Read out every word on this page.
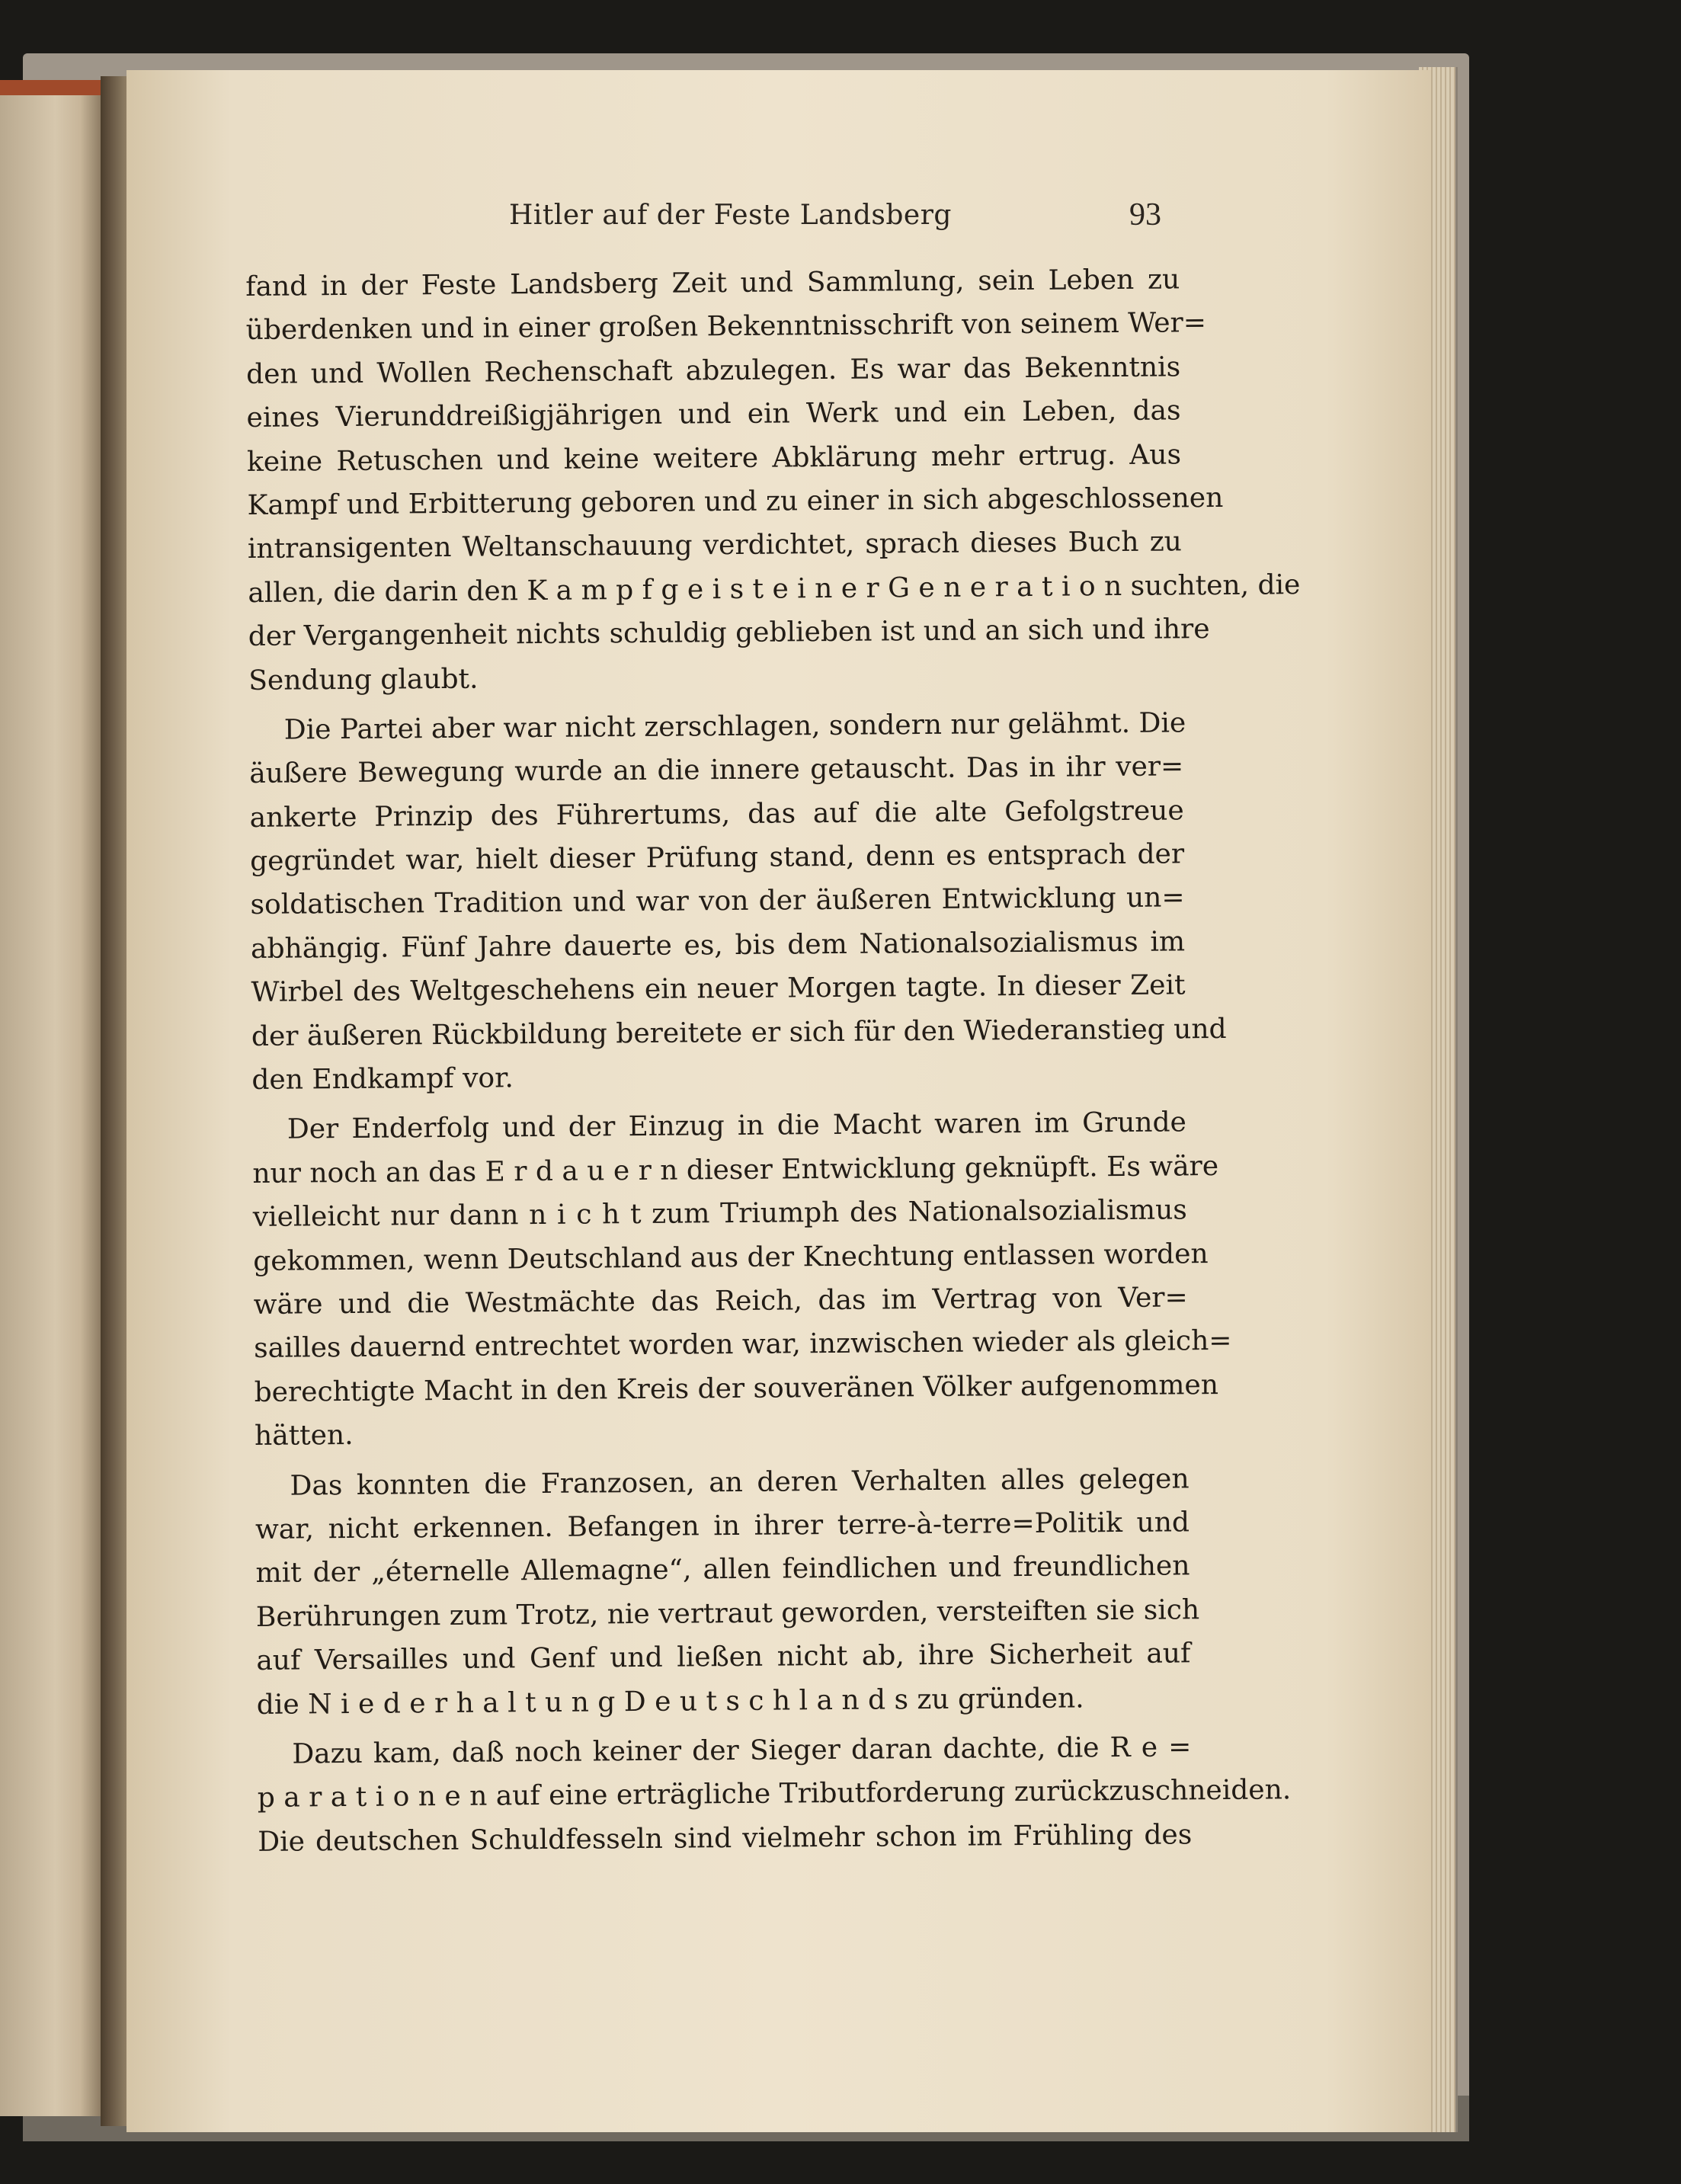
Hitler auf der Feste Landsberg	93
fand in der Feste Landsberg Zeit und Sammlung, sein Leben zu
überdenken und in einer großen Bekenntnisschrift von seinem Wer=
den und Wollen Rechenschaft abzulegen. Es war das Bekenntnis
eines Vierunddreißigjährigen und ein Werk und ein Leben, das
keine Retuschen und keine weitere Abklärung mehr ertrug. Aus
Kampf und Erbitterung geboren und zu einer in sich abgeschlossenen
intransigenten Weltanschauung verdichtet, sprach dieses Buch zu
allen, die darin den K a m p f g e i s t e i n e r G e n e r a t i o n suchten, die
der Vergangenheit nichts schuldig geblieben ist und an sich und ihre
Sendung glaubt.
Die Partei aber war nicht zerschlagen, sondern nur gelähmt. Die
äußere Bewegung wurde an die innere getauscht. Das in ihr ver=
ankerte Prinzip des Führertums, das auf die alte Gefolgstreue
gegründet war, hielt dieser Prüfung stand, denn es entsprach der
soldatischen Tradition und war von der äußeren Entwicklung un=
abhängig. Fünf Jahre dauerte es, bis dem Nationalsozialismus im
Wirbel des Weltgeschehens ein neuer Morgen tagte. In dieser Zeit
der äußeren Rückbildung bereitete er sich für den Wiederanstieg und
den Endkampf vor.
Der Enderfolg und der Einzug in die Macht waren im Grunde
nur noch an das E r d a u e r n dieser Entwicklung geknüpft. Es wäre
vielleicht nur dann n i c h t zum Triumph des Nationalsozialismus
gekommen, wenn Deutschland aus der Knechtung entlassen worden
wäre und die Westmächte das Reich, das im Vertrag von Ver=
sailles dauernd entrechtet worden war, inzwischen wieder als gleich=
berechtigte Macht in den Kreis der souveränen Völker aufgenommen
hätten.
Das konnten die Franzosen, an deren Verhalten alles gelegen
war, nicht erkennen. Befangen in ihrer terre-à-terre=Politik und
mit der „éternelle Allemagne“, allen feindlichen und freundlichen
Berührungen zum Trotz, nie vertraut geworden, versteiften sie sich
auf Versailles und Genf und ließen nicht ab, ihre Sicherheit auf
die N i e d e r h a l t u n g D e u t s c h l a n d s zu gründen.
Dazu kam, daß noch keiner der Sieger daran dachte, die R e =
p a r a t i o n e n auf eine erträgliche Tributforderung zurückzuschneiden.
Die deutschen Schuldfesseln sind vielmehr schon im Frühling des
